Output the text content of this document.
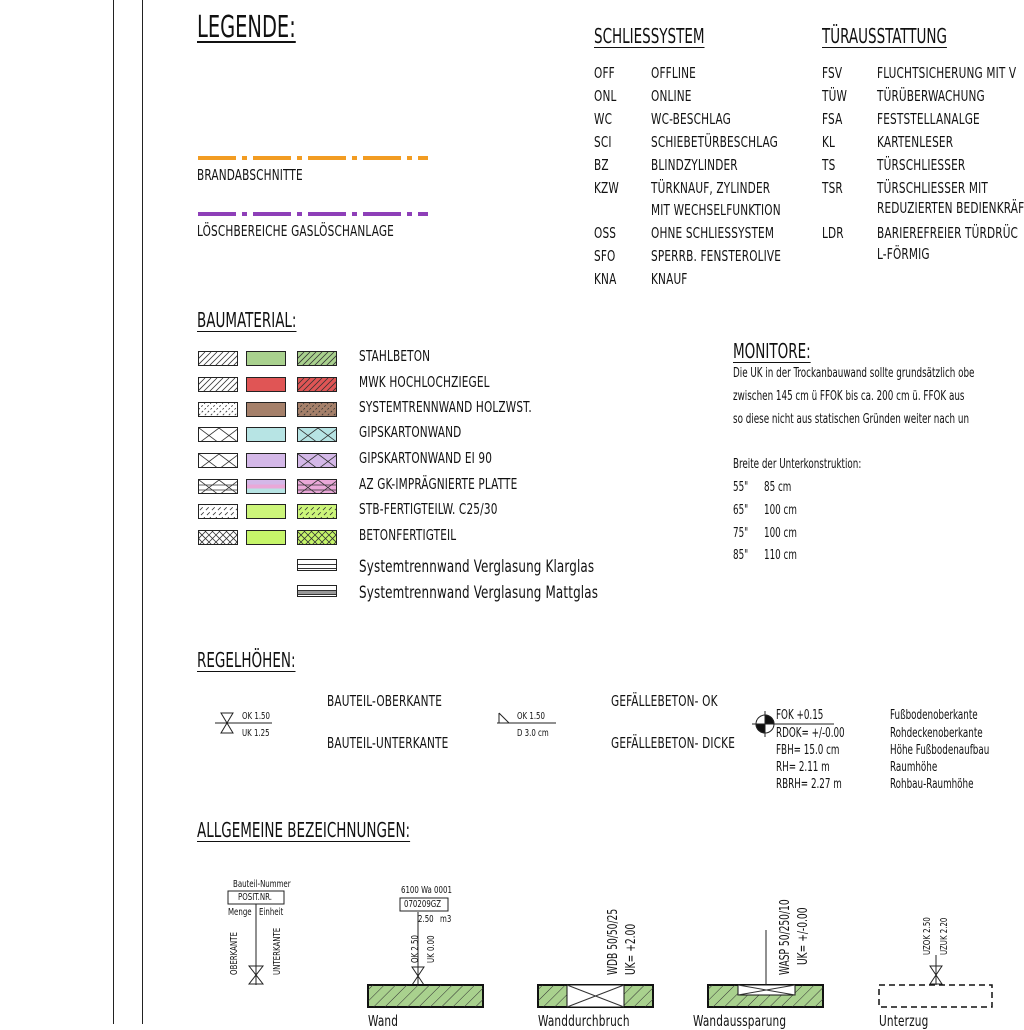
LEGENDE:
BRANDABSCHNITTE
LÖSCHBEREICHE GASLÖSCHANLAGE
SCHLIESSYSTEM
OFF OFFLINE
ONL ONLINE
WC	WC-BESCHLAG
SCI	SCHIEBETÜRBESCHLAG
BZ	BLINDZYLINDER
KZW TÜRKNAUF, ZYLINDER
MIT WECHSELFUNKTION
OSS OHNE SCHLIESSYSTEM
SFO SPERRB. FENSTEROLIVE
KNA KNAUF
TÜRAUSSTATTUNG
FSV FLUCHTSICHERUNG MIT V
TÜW TÜRÜBERWACHUNG
FSA FESTSTELLANALGE
KL	KARTENLESER
TS	TÜRSCHLIESSER
TSR TÜRSCHLIESSER MIT
REDUZIERTEN BEDIENKRÄF
LDR BARIEREFREIER TÜRDRÜC
L-FÖRMIG
BAUMATERIAL:
STAHLBETON
MWK HOCHLOCHZIEGEL
SYSTEMTRENNWAND HOLZWST.
GIPSKARTONWAND
GIPSKARTONWAND EI 90
AZ GK-IMPRÄGNIERTE PLATTE
STB-FERTIGTEILW. C25/30
BETONFERTIGTEIL
Systemtrennwand Verglasung Klarglas
Systemtrennwand Verglasung Mattglas
MONITORE:
Die UK in der Trockanbauwand sollte grundsätzlich obe
zwischen 145 cm ü FFOK bis ca. 200 cm ü. FFOK aus
so diese nicht aus statischen Gründen weiter nach un
Breite der Unterkonstruktion:
55" 85 cm
65" 100 cm
75" 100 cm
85" 110 cm
REGELHÖHEN:
OK 1.50
UK 1.25
BAUTEIL-OBERKANTE
BAUTEIL-UNTERKANTE
OK 1.50
D 3.0 cm
GEFÄLLEBETON- OK
GEFÄLLEBETON- DICKE
FOK +0.15
RDOK= +/-0.00
FBH= 15.0 cm
RH= 2.11 m
RBRH= 2.27 m
Fußbodenoberkante
Rohdeckenoberkante
Höhe Fußbodenaufbau
Raumhöhe
Rohbau-Raumhöhe
ALLGEMEINE BEZEICHNUNGEN:
Bauteil-Nummer
POSIT.NR.
Menge Einheit
OBERKANTE	UNTERKANTE
6100 Wa 0001
070209GZ
2.50 m3
OK 2.50 UK 0.00	WDB 50/50/25 UK= +2.00	WASP 50/250/10 UK= +/-0.00	UZOK 2.50 UZUK 2.20
Wand	Wanddurchbruch	Wandaussparung	Unterzug
